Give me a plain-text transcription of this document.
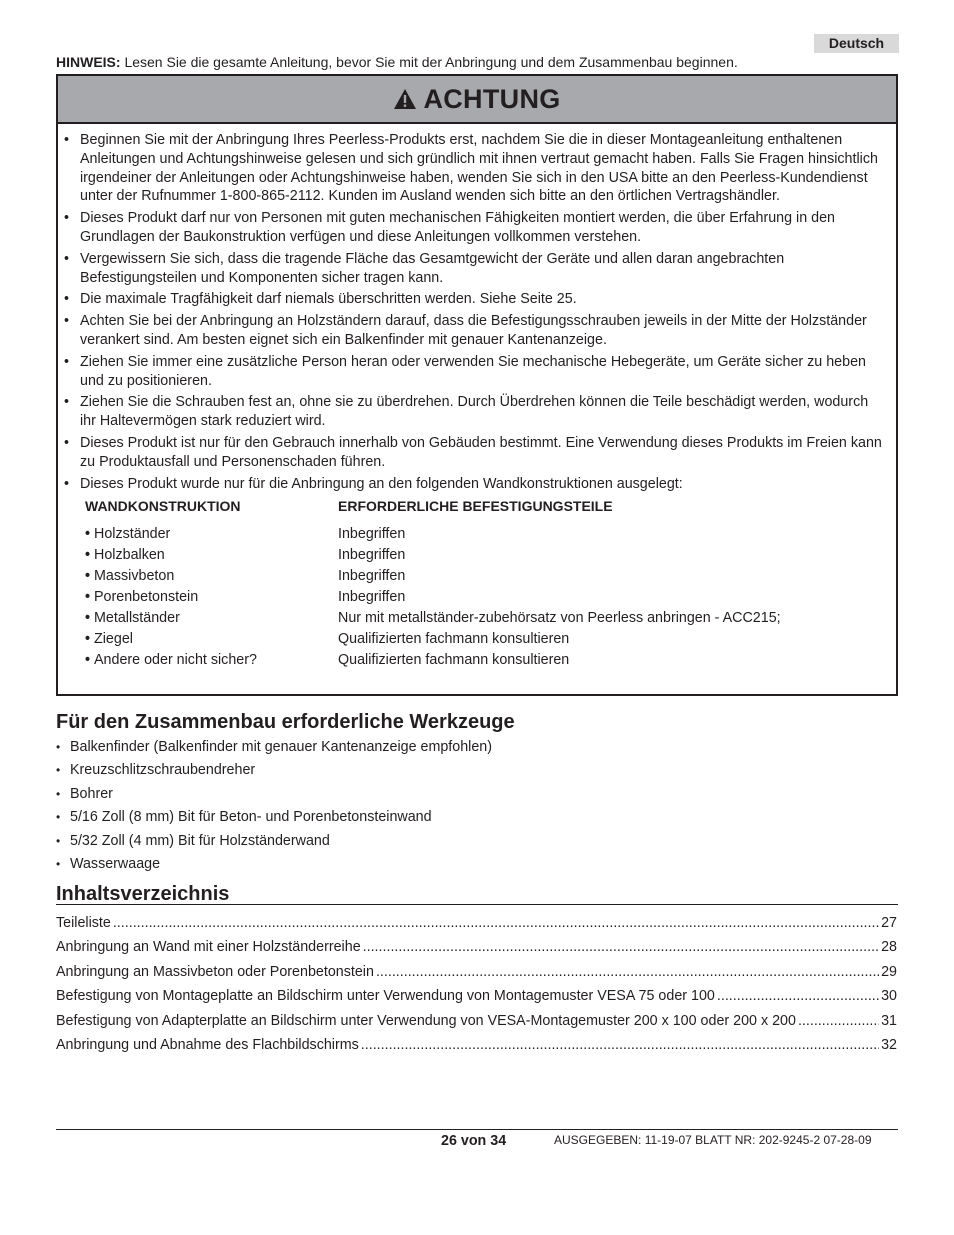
Deutsch
HINWEIS: Lesen Sie die gesamte Anleitung, bevor Sie mit der Anbringung und dem Zusammenbau beginnen.
ACHTUNG
• Beginnen Sie mit der Anbringung Ihres Peerless-Produkts erst, nachdem Sie die in dieser Montageanleitung enthaltenen Anleitungen und Achtungshinweise gelesen und sich gründlich mit ihnen vertraut gemacht haben. Falls Sie Fragen hinsichtlich irgendeiner der Anleitungen oder Achtungshinweise haben, wenden Sie sich in den USA bitte an den Peerless-Kundendienst unter der Rufnummer 1-800-865-2112. Kunden im Ausland wenden sich bitte an den örtlichen Vertragshändler.
• Dieses Produkt darf nur von Personen mit guten mechanischen Fähigkeiten montiert werden, die über Erfahrung in den Grundlagen der Baukonstruktion verfügen und diese Anleitungen vollkommen verstehen.
• Vergewissern Sie sich, dass die tragende Fläche das Gesamtgewicht der Geräte und allen daran angebrachten Befestigungsteilen und Komponenten sicher tragen kann.
• Die maximale Tragfähigkeit darf niemals überschritten werden. Siehe Seite 25.
• Achten Sie bei der Anbringung an Holzständern darauf, dass die Befestigungsschrauben jeweils in der Mitte der Holzständer verankert sind. Am besten eignet sich ein Balkenfinder mit genauer Kantenanzeige.
• Ziehen Sie immer eine zusätzliche Person heran oder verwenden Sie mechanische Hebegeräte, um Geräte sicher zu heben und zu positionieren.
• Ziehen Sie die Schrauben fest an, ohne sie zu überdrehen. Durch Überdrehen können die Teile beschädigt werden, wodurch ihr Haltevermögen stark reduziert wird.
• Dieses Produkt ist nur für den Gebrauch innerhalb von Gebäuden bestimmt. Eine Verwendung dieses Produkts im Freien kann zu Produktausfall und Personenschaden führen.
• Dieses Produkt wurde nur für die Anbringung an den folgenden Wandkonstruktionen ausgelegt:
WANDKONSTRUKTION	ERFORDERLICHE BEFESTIGUNGSTEILE
• Holzständer	Inbegriffen
• Holzbalken	Inbegriffen
• Massivbeton	Inbegriffen
• Porenbetonstein	Inbegriffen
• Metallständer	Nur mit metallständer-zubehörsatz von Peerless anbringen - ACC215;
• Ziegel	Qualifizierten fachmann konsultieren
• Andere oder nicht sicher?	Qualifizierten fachmann konsultieren
Für den Zusammenbau erforderliche Werkzeuge
• Balkenfinder (Balkenfinder mit genauer Kantenanzeige empfohlen)
• Kreuzschlitzschraubendreher
• Bohrer
• 5/16 Zoll (8 mm) Bit für Beton- und Porenbetonsteinwand
• 5/32 Zoll (4 mm) Bit für Holzständerwand
• Wasserwaage
Inhaltsverzeichnis
Teileliste .....	27
Anbringung an Wand mit einer Holzständerreihe .....	28
Anbringung an Massivbeton oder Porenbetonstein .....	29
Befestigung von Montageplatte an Bildschirm unter Verwendung von Montagemuster VESA 75 oder 100 .....	30
Befestigung von Adapterplatte an Bildschirm unter Verwendung von VESA-Montagemuster 200 x 100 oder 200 x 200 .....	31
Anbringung und Abnahme des Flachbildschirms .....	32
26 von 34	AUSGEGEBEN: 11-19-07 BLATT NR: 202-9245-2 07-28-09
